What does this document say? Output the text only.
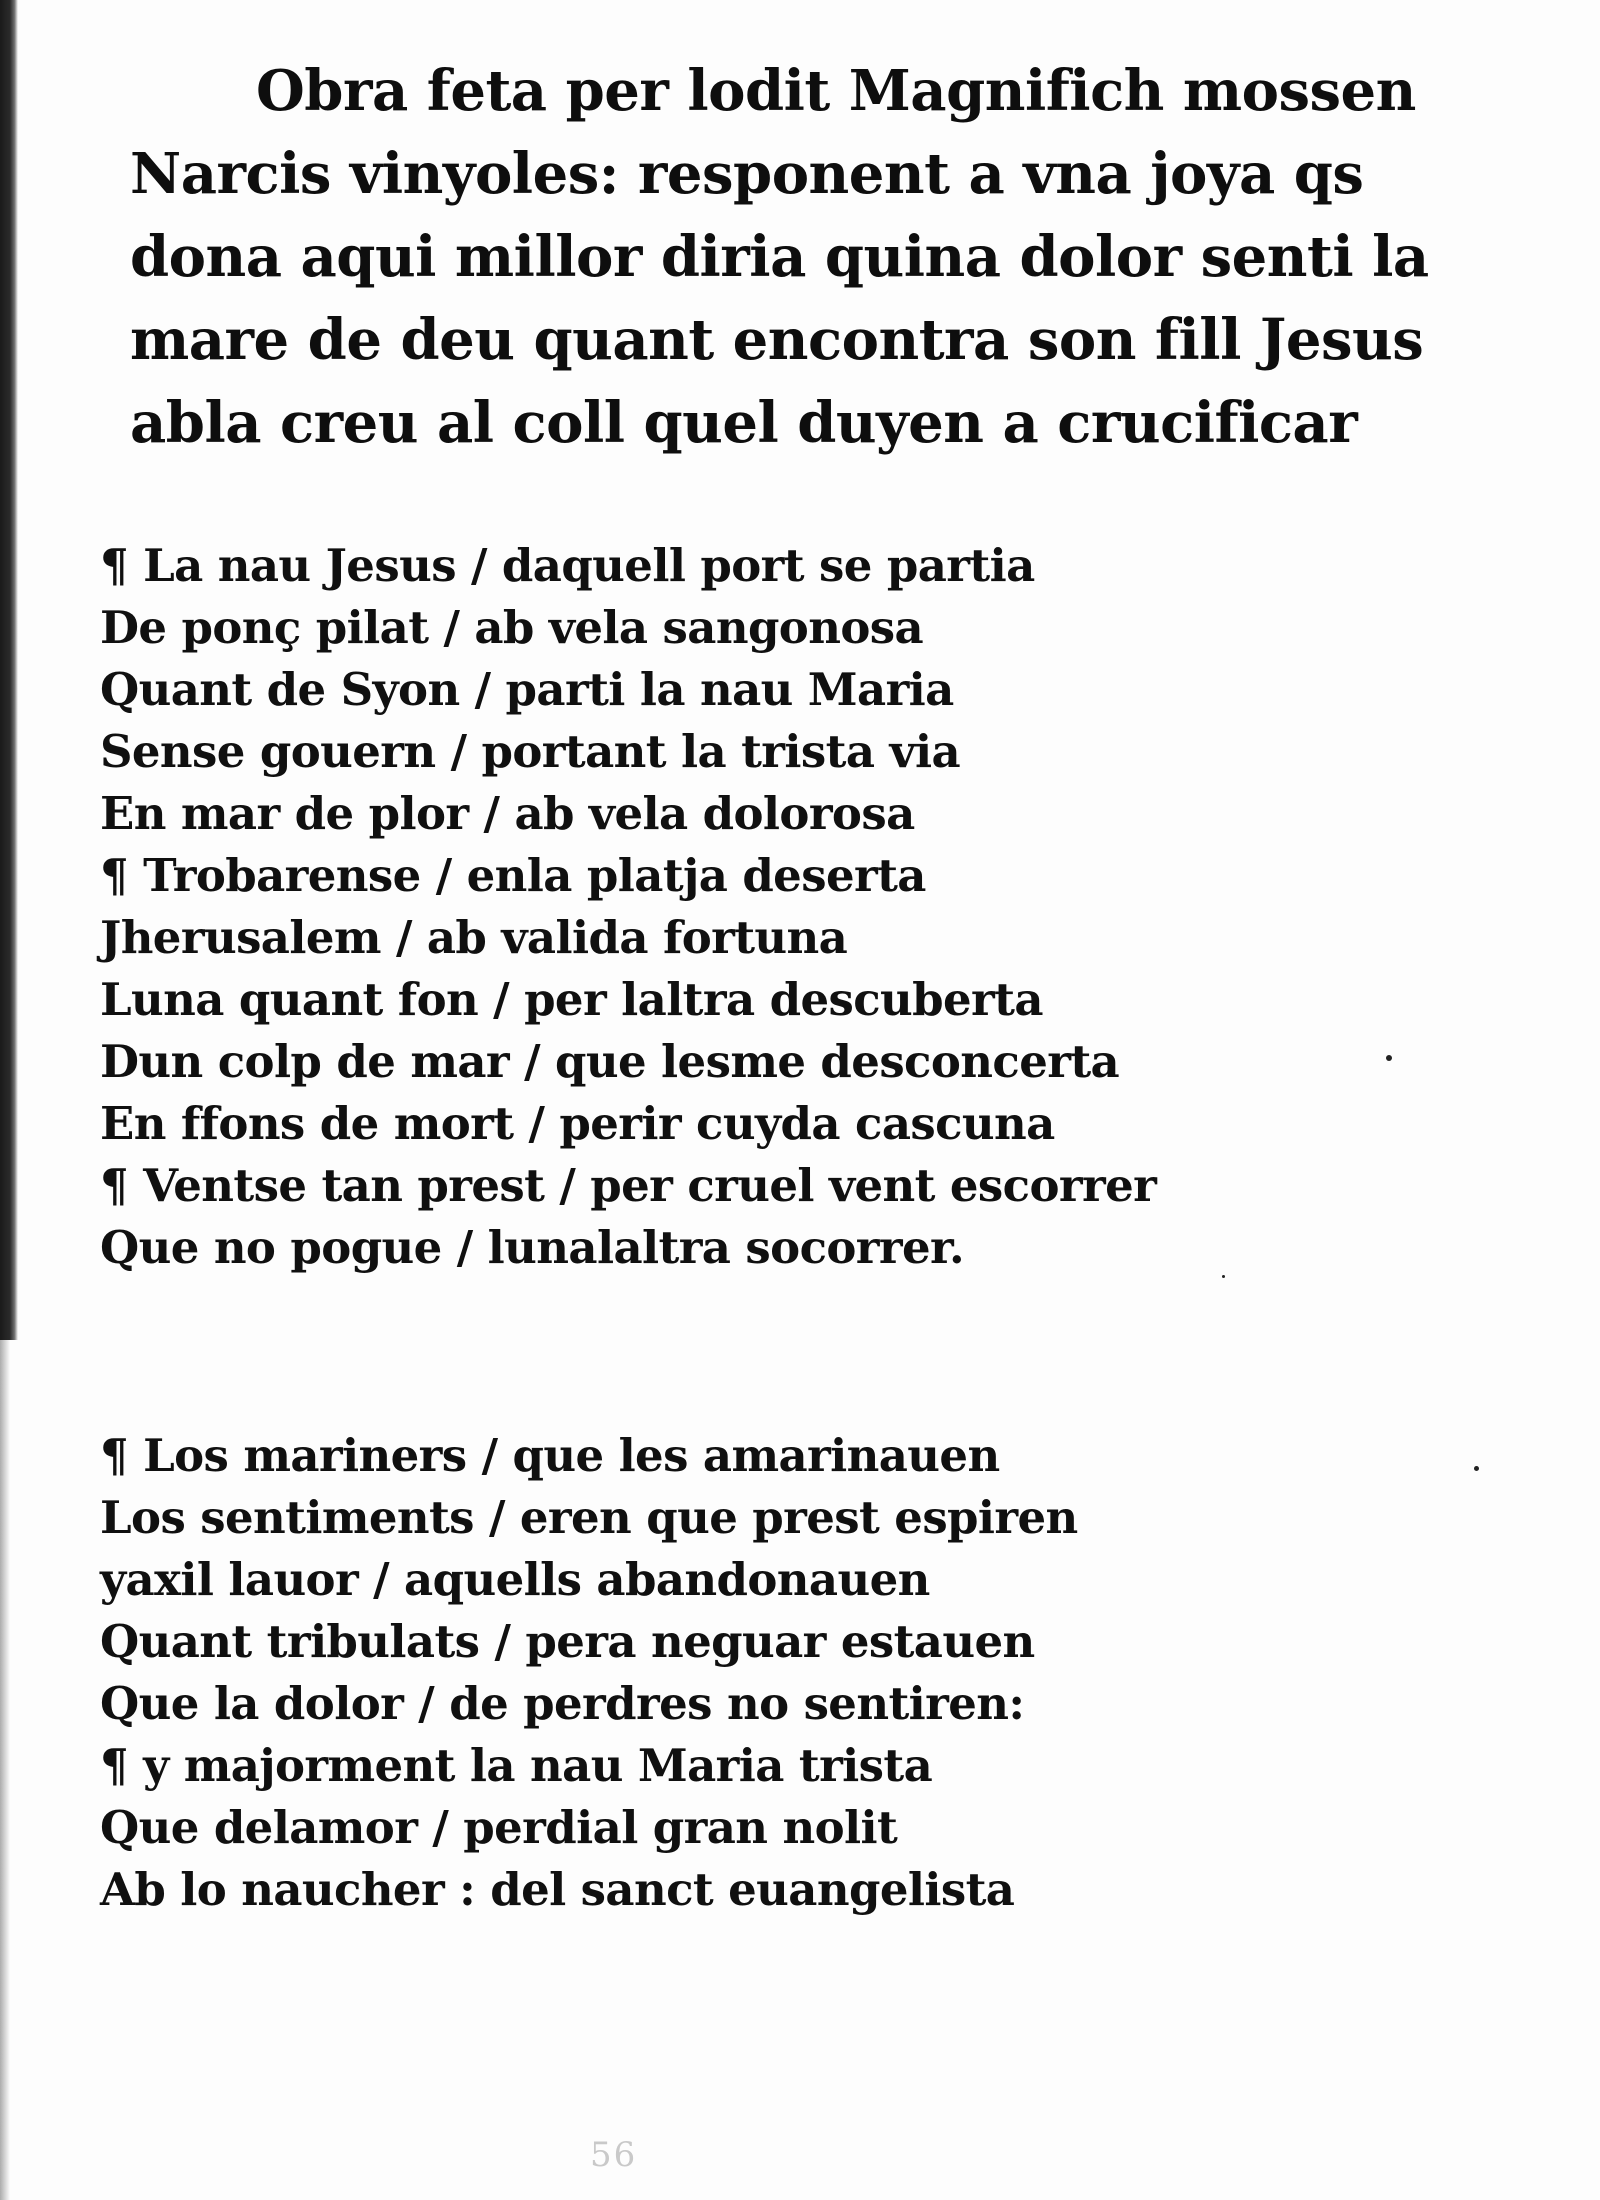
Obra feta per lodit Magnifich mossen
Narcis vinyoles: responent a vna joya qs
dona aqui millor diria quina dolor senti la
mare de deu quant encontra son fill Jesus
abla creu al coll quel duyen a crucificar
¶ La nau Jesus / daquell port se partia
De ponç pilat / ab vela sangonosa
Quant de Syon / parti la nau Maria
Sense gouern / portant la trista via
En mar de plor / ab vela dolorosa
¶ Trobarense / enla platja deserta
Jherusalem / ab valida fortuna
Luna quant fon / per laltra descuberta
Dun colp de mar / que lesme desconcerta
En ffons de mort / perir cuyda cascuna
¶ Ventse tan prest / per cruel vent escorrer
Que no pogue / lunalaltra socorrer.
¶ Los mariners / que les amarinauen
Los sentiments / eren que prest espiren
yaxil lauor / aquells abandonauen
Quant tribulats / pera neguar estauen
Que la dolor / de perdres no sentiren:
¶ y majorment la nau Maria trista
Que delamor / perdial gran nolit
Ab lo naucher : del sanct euangelista
56
